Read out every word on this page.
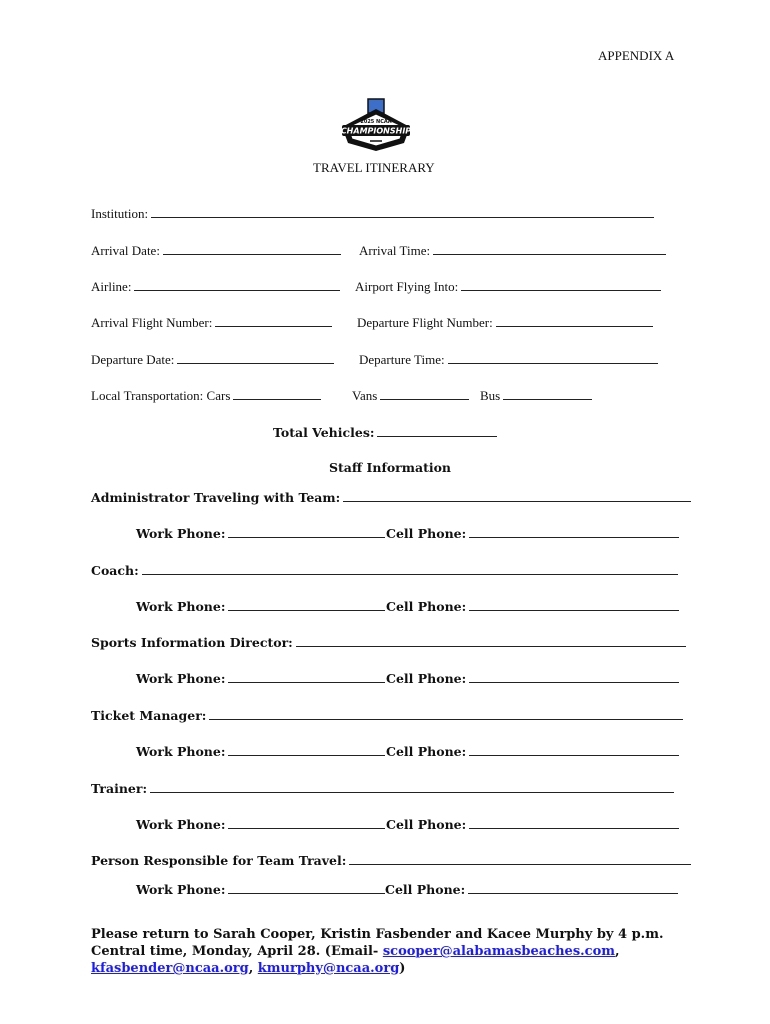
APPENDIX A
2025 NCAA
CHAMPIONSHIP
TRAVEL ITINERARY
Institution:
Arrival Date:	Arrival Time:
Airline:	Airport Flying Into:
Arrival Flight Number:	Departure Flight Number:
Departure Date:	Departure Time:
Local Transportation: Cars	Vans	Bus
Total Vehicles:
Staff Information
Administrator Traveling with Team:
Work Phone:	Cell Phone:
Coach:
Work Phone:	Cell Phone:
Sports Information Director:
Work Phone:	Cell Phone:
Ticket Manager:
Work Phone:	Cell Phone:
Trainer:
Work Phone:	Cell Phone:
Person Responsible for Team Travel:
Work Phone:	Cell Phone:
Please return to Sarah Cooper, Kristin Fasbender and Kacee Murphy by 4 p.m. Central time, Monday, April 28. (Email- scooper@alabamasbeaches.com, kfasbender@ncaa.org, kmurphy@ncaa.org)
